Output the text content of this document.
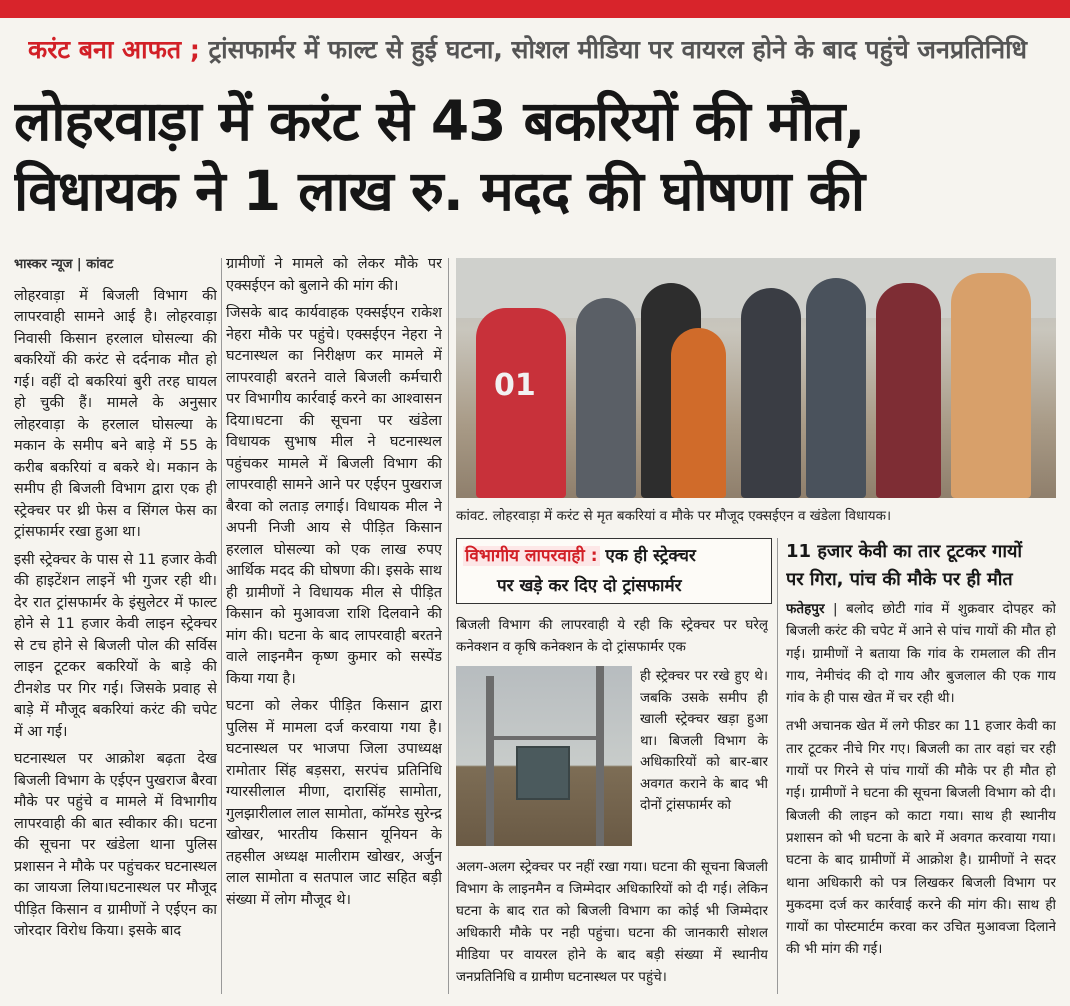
करंट बना आफत ; ट्रांसफार्मर में फाल्ट से हुई घटना, सोशल मीडिया पर वायरल होने के बाद पहुंचे जनप्रतिनिधि
लोहरवाड़ा में करंट से 43 बकरियों की मौत,
विधायक ने 1 लाख रु. मदद की घोषणा की
भास्कर न्यूज | कांवट

लोहरवाड़ा में बिजली विभाग की लापरवाही सामने आई है। लोहरवाड़ा निवासी किसान हरलाल घोसल्या की बकरियों की करंट से दर्दनाक मौत हो गई। वहीं दो बकरियां बुरी तरह घायल हो चुकी हैं। मामले के अनुसार लोहरवाड़ा के हरलाल घोसल्या के मकान के समीप बने बाड़े में 55 के करीब बकरियां व बकरे थे। मकान के समीप ही बिजली विभाग द्वारा एक ही स्ट्रेक्चर पर थ्री फेस व सिंगल फेस का ट्रांसफार्मर रखा हुआ था।

इसी स्ट्रेक्चर के पास से 11 हजार केवी की हाइटेंशन लाइनें भी गुजर रही थी। देर रात ट्रांसफार्मर के इंसुलेटर में फाल्ट होने से 11 हजार केवी लाइन स्ट्रेक्चर से टच होने से बिजली पोल की सर्विस लाइन टूटकर बकरियों के बाड़े की टीनशेड पर गिर गई। जिसके प्रवाह से बाड़े में मौजूद बकरियां करंट की चपेट में आ गई।

घटनास्थल पर आक्रोश बढ़ता देख बिजली विभाग के एईएन पुखराज बैरवा मौके पर पहुंचे व मामले में विभागीय लापरवाही की बात स्वीकार की। घटना की सूचना पर खंडेला थाना पुलिस प्रशासन ने मौके पर पहुंचकर घटनास्थल का जायजा लिया।घटनास्थल पर मौजूद पीड़ित किसान व ग्रामीणों ने एईएन का जोरदार विरोध किया। इसके बाद

ग्रामीणों ने मामले को लेकर मौके पर एक्सईएन को बुलाने की मांग की।

जिसके बाद कार्यवाहक एक्सईएन राकेश नेहरा मौके पर पहुंचे। एक्सईएन नेहरा ने घटनास्थल का निरीक्षण कर मामले में लापरवाही बरतने वाले बिजली कर्मचारी पर विभागीय कार्रवाई करने का आश्वासन दिया।घटना की सूचना पर खंडेला विधायक सुभाष मील ने घटनास्थल पहुंचकर मामले में बिजली विभाग की लापरवाही सामने आने पर एईएन पुखराज बैरवा को लताड़ लगाई। विधायक मील ने अपनी निजी आय से पीड़ित किसान हरलाल घोसल्या को एक लाख रुपए आर्थिक मदद की घोषणा की। इसके साथ ही ग्रामीणों ने विधायक मील से पीड़ित किसान को मुआवजा राशि दिलवाने की मांग की। घटना के बाद लापरवाही बरतने वाले लाइनमैन कृष्ण कुमार को सस्पेंड किया गया है।

घटना को लेकर पीड़ित किसान द्वारा पुलिस में मामला दर्ज करवाया गया है। घटनास्थल पर भाजपा जिला उपाध्यक्ष रामोतार सिंह बड़सरा, सरपंच प्रतिनिधि ग्यारसीलाल मीणा, दारासिंह सामोता, गुलझारीलाल लाल सामोता, कॉमरेड सुरेन्द्र खोखर, भारतीय किसान यूनियन के तहसील अध्यक्ष मालीराम खोखर, अर्जुन लाल सामोता व सतपाल जाट सहित बड़ी संख्या में लोग मौजूद थे।

01
कांवट. लोहरवाड़ा में करंट से मृत बकरियां व मौके पर मौजूद एक्सईएन व खंडेला विधायक।
विभागीय लापरवाही : एक ही स्ट्रेक्चर
पर खड़े कर दिए दो ट्रांसफार्मर
बिजली विभाग की लापरवाही ये रही कि स्ट्रेक्चर पर घरेलू कनेक्शन व कृषि कनेक्शन के दो ट्रांसफार्मर एक
ही स्ट्रेक्चर पर रखे हुए थे। जबकि उसके समीप ही खाली स्ट्रेक्चर खड़ा हुआ था। बिजली विभाग के अधिकारियों को बार-बार अवगत कराने के बाद भी दोनों ट्रांसफार्मर को
अलग-अलग स्ट्रेक्चर पर नहीं रखा गया। घटना की सूचना बिजली विभाग के लाइनमैन व जिम्मेदार अधिकारियों को दी गई। लेकिन घटना के बाद रात को बिजली विभाग का कोई भी जिम्मेदार अधिकारी मौके पर नही पहुंचा। घटना की जानकारी सोशल मीडिया पर वायरल होने के बाद बड़ी संख्या में स्थानीय जनप्रतिनिधि व ग्रामीण घटनास्थल पर पहुंचे।
11 हजार केवी का तार टूटकर गायों
पर गिरा, पांच की मौके पर ही मौत

फतेहपुर | बलोद छोटी गांव में शुक्रवार दोपहर को बिजली करंट की चपेट में आने से पांच गायों की मौत हो गई। ग्रामीणों ने बताया कि गांव के रामलाल की तीन गाय, नेमीचंद की दो गाय और बुजलाल की एक गाय गांव के ही पास खेत में चर रही थी।

तभी अचानक खेत में लगे फीडर का 11 हजार केवी का तार टूटकर नीचे गिर गए। बिजली का तार वहां चर रही गायों पर गिरने से पांच गायों की मौके पर ही मौत हो गई। ग्रामीणों ने घटना की सूचना बिजली विभाग को दी। बिजली की लाइन को काटा गया। साथ ही स्थानीय प्रशासन को भी घटना के बारे में अवगत करवाया गया। घटना के बाद ग्रामीणों में आक्रोश है। ग्रामीणों ने सदर थाना अधिकारी को पत्र लिखकर बिजली विभाग पर मुकदमा दर्ज कर कार्रवाई करने की मांग की। साथ ही गायों का पोस्टमार्टम करवा कर उचित मुआवजा दिलाने की भी मांग की गई।
